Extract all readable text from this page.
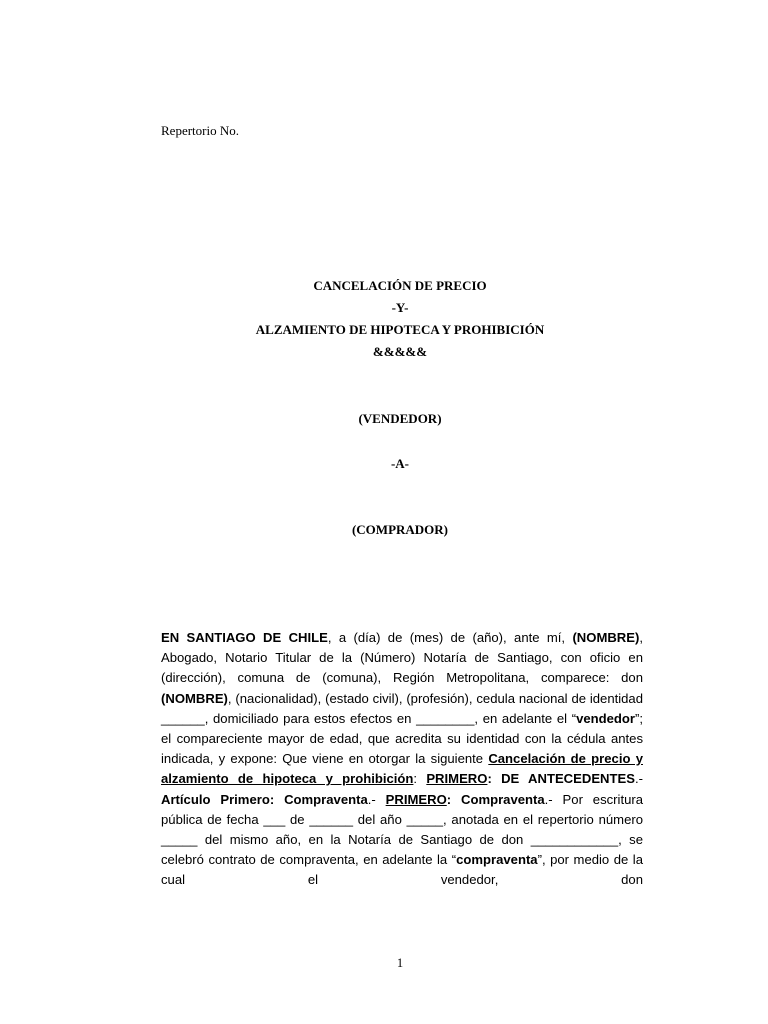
Repertorio No.
CANCELACIÓN DE PRECIO
-Y-
ALZAMIENTO DE HIPOTECA Y PROHIBICIÓN
&&&&&
(VENDEDOR)
-A-
(COMPRADOR)

EN SANTIAGO DE CHILE, a (día) de (mes) de (año), ante mí, (NOMBRE), Abogado, Notario Titular de la (Número) Notaría de Santiago, con oficio en (dirección), comuna de (comuna), Región Metropolitana, comparece: don (NOMBRE), (nacionalidad), (estado civil), (profesión), cedula nacional de identidad ______, domiciliado para estos efectos en ________, en adelante el “vendedor”; el compareciente mayor de edad, que acredita su identidad con la cédula antes indicada, y expone: Que viene en otorgar la siguiente Cancelación de precio y alzamiento de hipoteca y prohibición: PRIMERO: DE ANTECEDENTES.- Artículo Primero: Compraventa.- PRIMERO: Compraventa.- Por escritura pública de fecha ___ de ______ del año _____, anotada en el repertorio número _____ del mismo año, en la Notaría de Santiago de don ____________, se celebró contrato de compraventa, en adelante la “compraventa”, por medio de la cual el vendedor, don

1
